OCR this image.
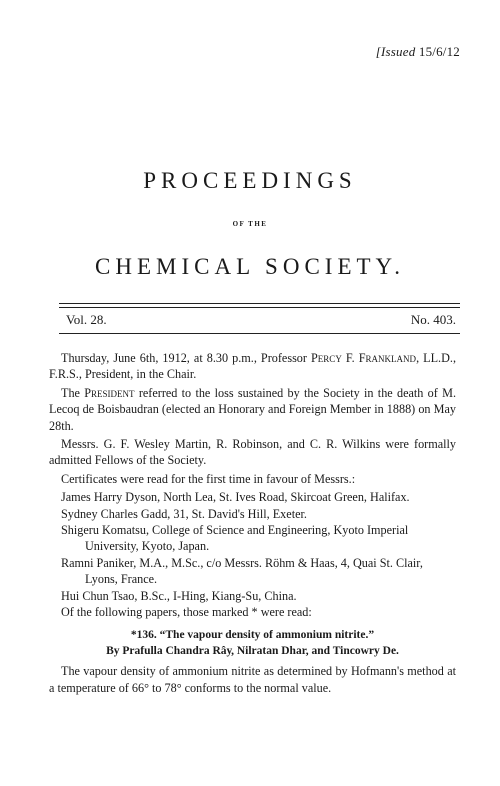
[Issued 15/6/12
PROCEEDINGS
OF THE
CHEMICAL SOCIETY.
Vol. 28.	No. 403.

Thursday, June 6th, 1912, at 8.30 p.m., Professor Percy F. Frankland, LL.D., F.R.S., President, in the Chair.

The President referred to the loss sustained by the Society in the death of M. Lecoq de Boisbaudran (elected an Honorary and Foreign Member in 1888) on May 28th.

Messrs. G. F. Wesley Martin, R. Robinson, and C. R. Wilkins were formally admitted Fellows of the Society.

Certificates were read for the first time in favour of Messrs.:

James Harry Dyson, North Lea, St. Ives Road, Skircoat Green, Halifax.
Sydney Charles Gadd, 31, St. David's Hill, Exeter.
Shigeru Komatsu, College of Science and Engineering, Kyoto Imperial University, Kyoto, Japan.
Ramni Paniker, M.A., M.Sc., c/o Messrs. Röhm & Haas, 4, Quai St. Clair, Lyons, France.
Hui Chun Tsao, B.Sc., I-Hing, Kiang-Su, China.

Of the following papers, those marked * were read:

*136. “The vapour density of ammonium nitrite.”
By Prafulla Chandra Râу, Nilratan Dhar, and Tincowry De.

The vapour density of ammonium nitrite as determined by Hofmann's method at a temperature of 66° to 78° conforms to the normal value.
